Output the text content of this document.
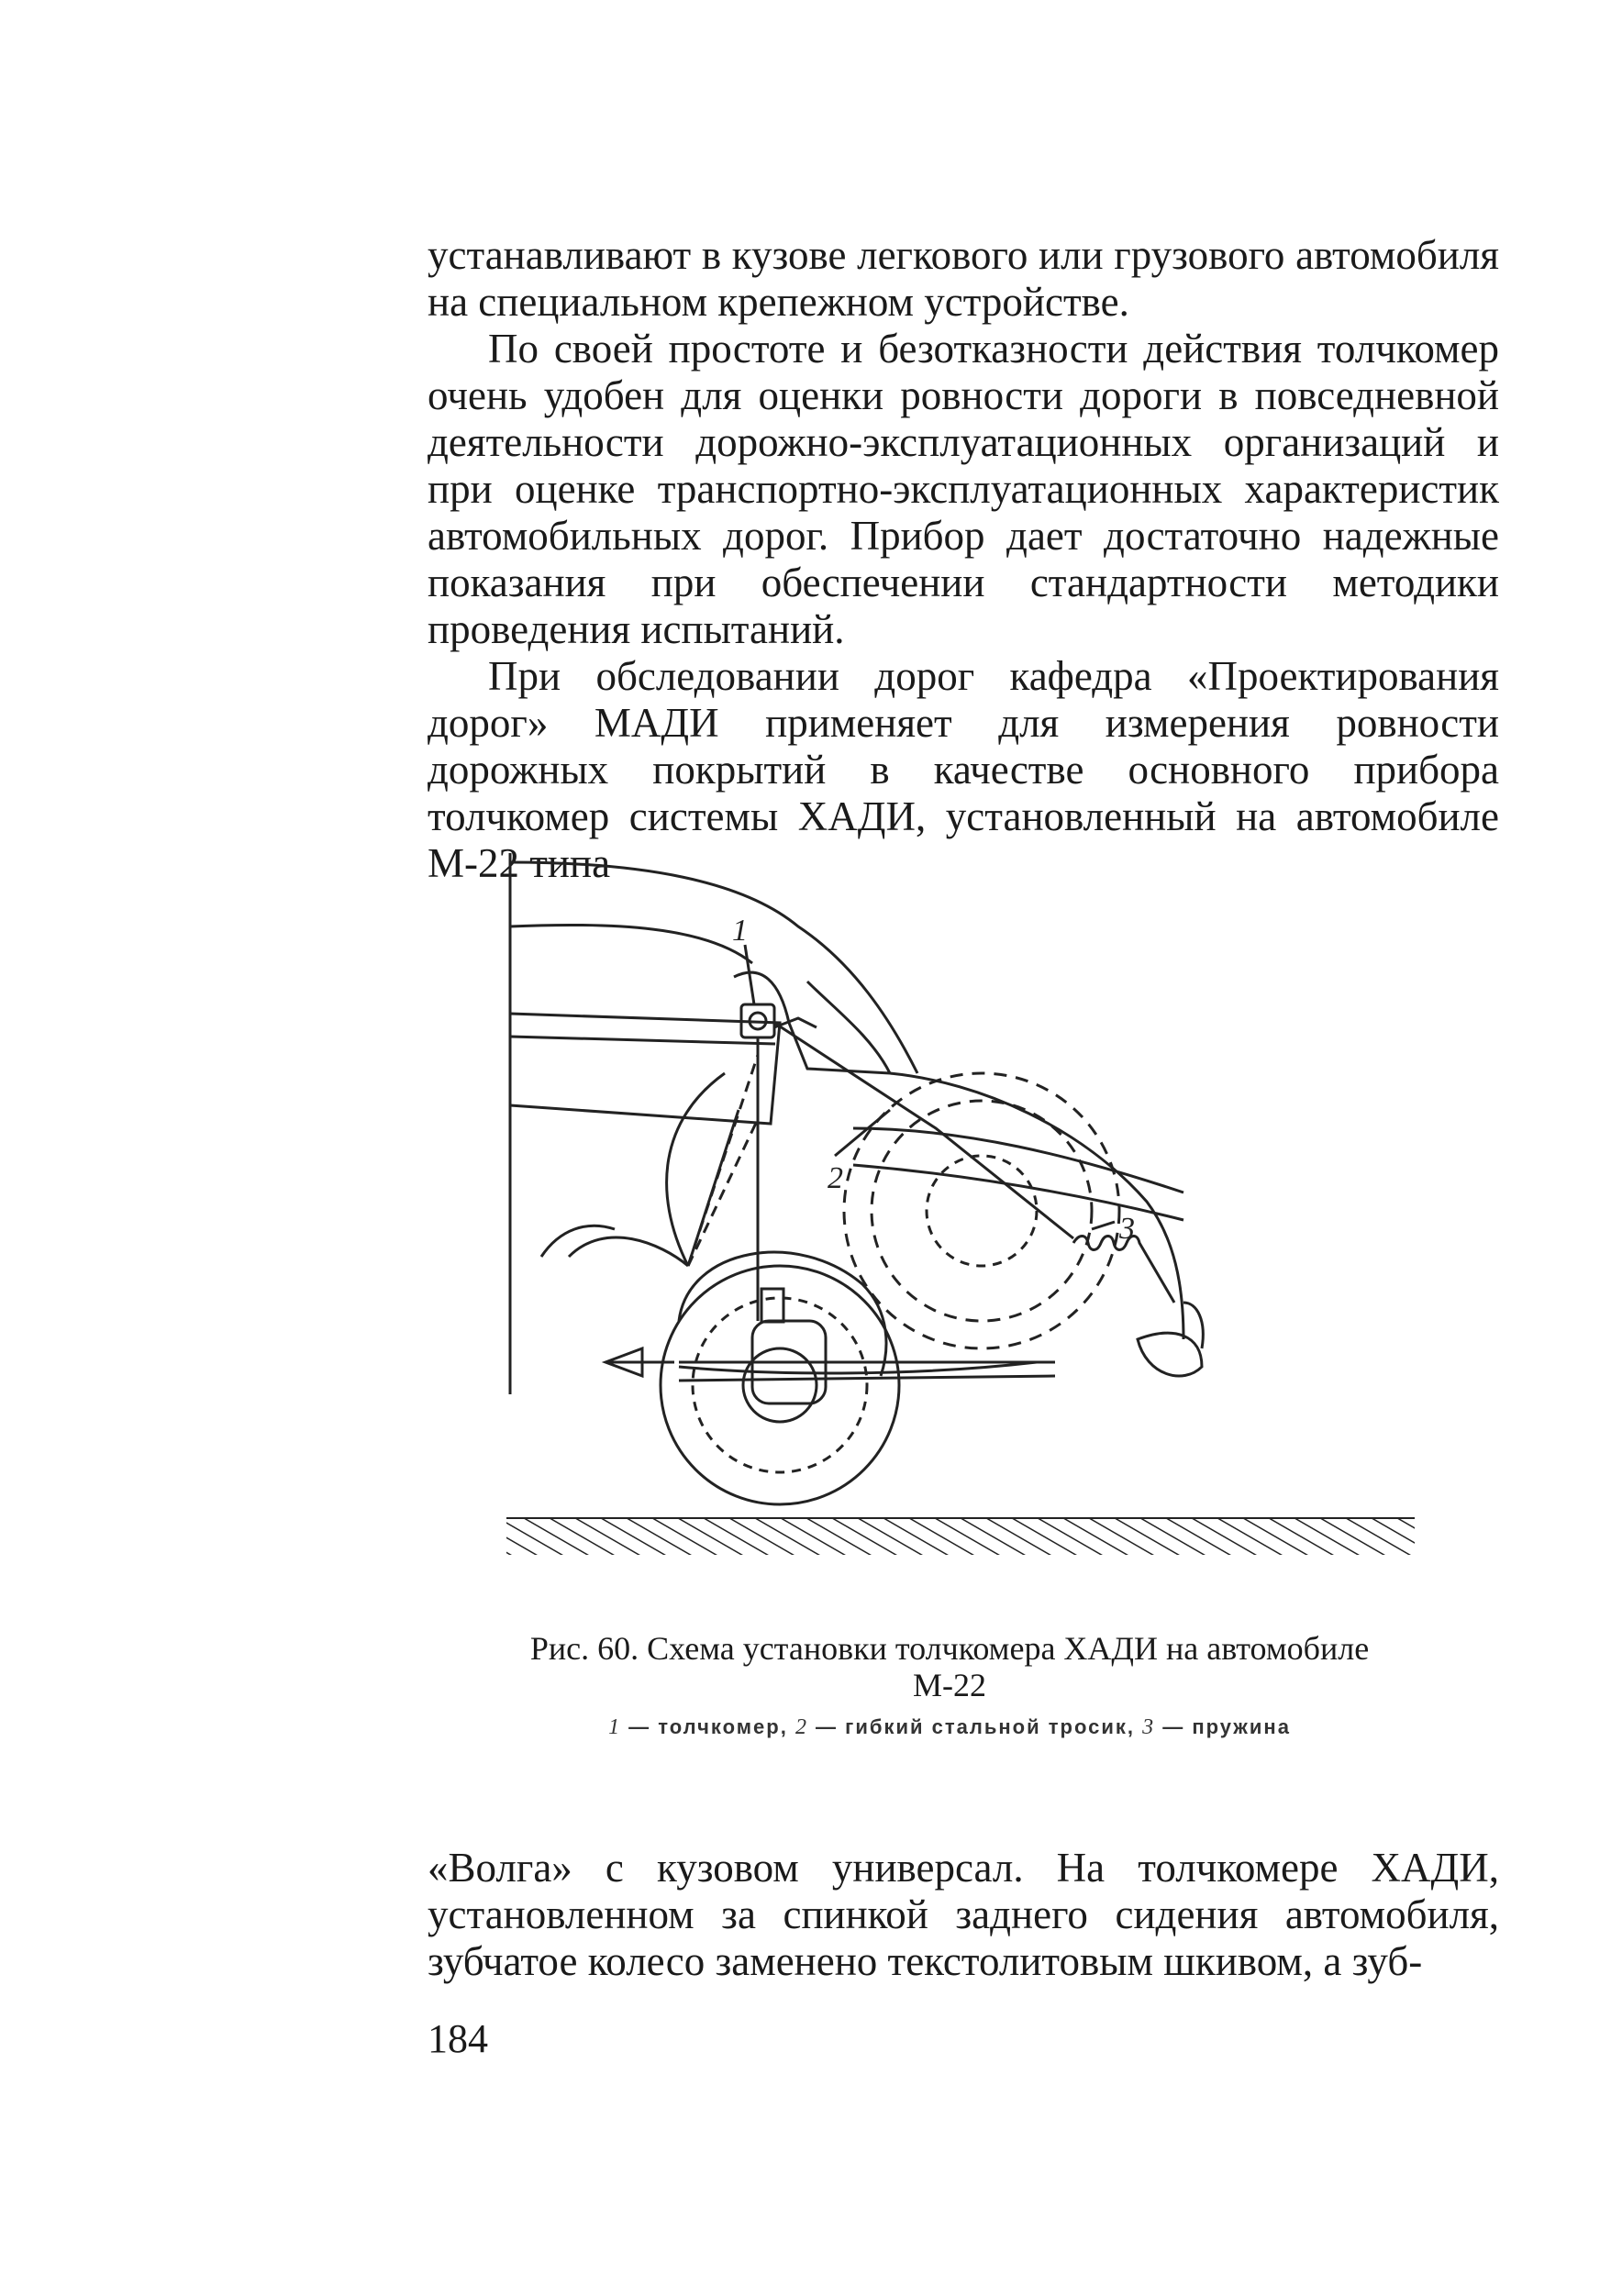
устанавливают в кузове легкового или грузового автомобиля на специальном крепежном устройстве.

По своей простоте и безотказности действия толчкомер очень удобен для оценки ровности дороги в повседневной деятельности дорожно-эксплуатационных организаций и при оценке транспортно-эксплуатационных характеристик автомобильных дорог. Прибор дает достаточно надежные показания при обеспечении стандартности методики проведения испытаний.

При обследовании дорог кафедра «Проектирования дорог» МАДИ применяет для измерения ровности дорожных покрытий в качестве основного прибора толчкомер системы ХАДИ, установленный на автомобиле М-22 типа

1
2
3
Рис. 60. Схема установки толчкомера ХАДИ на автомобиле М-22
1 — толчкомер, 2 — гибкий стальной тросик, 3 — пружина

«Волга» с кузовом универсал. На толчкомере ХАДИ, установленном за спинкой заднего сидения автомобиля, зубчатое колесо заменено текстолитовым шкивом, а зуб-

184
